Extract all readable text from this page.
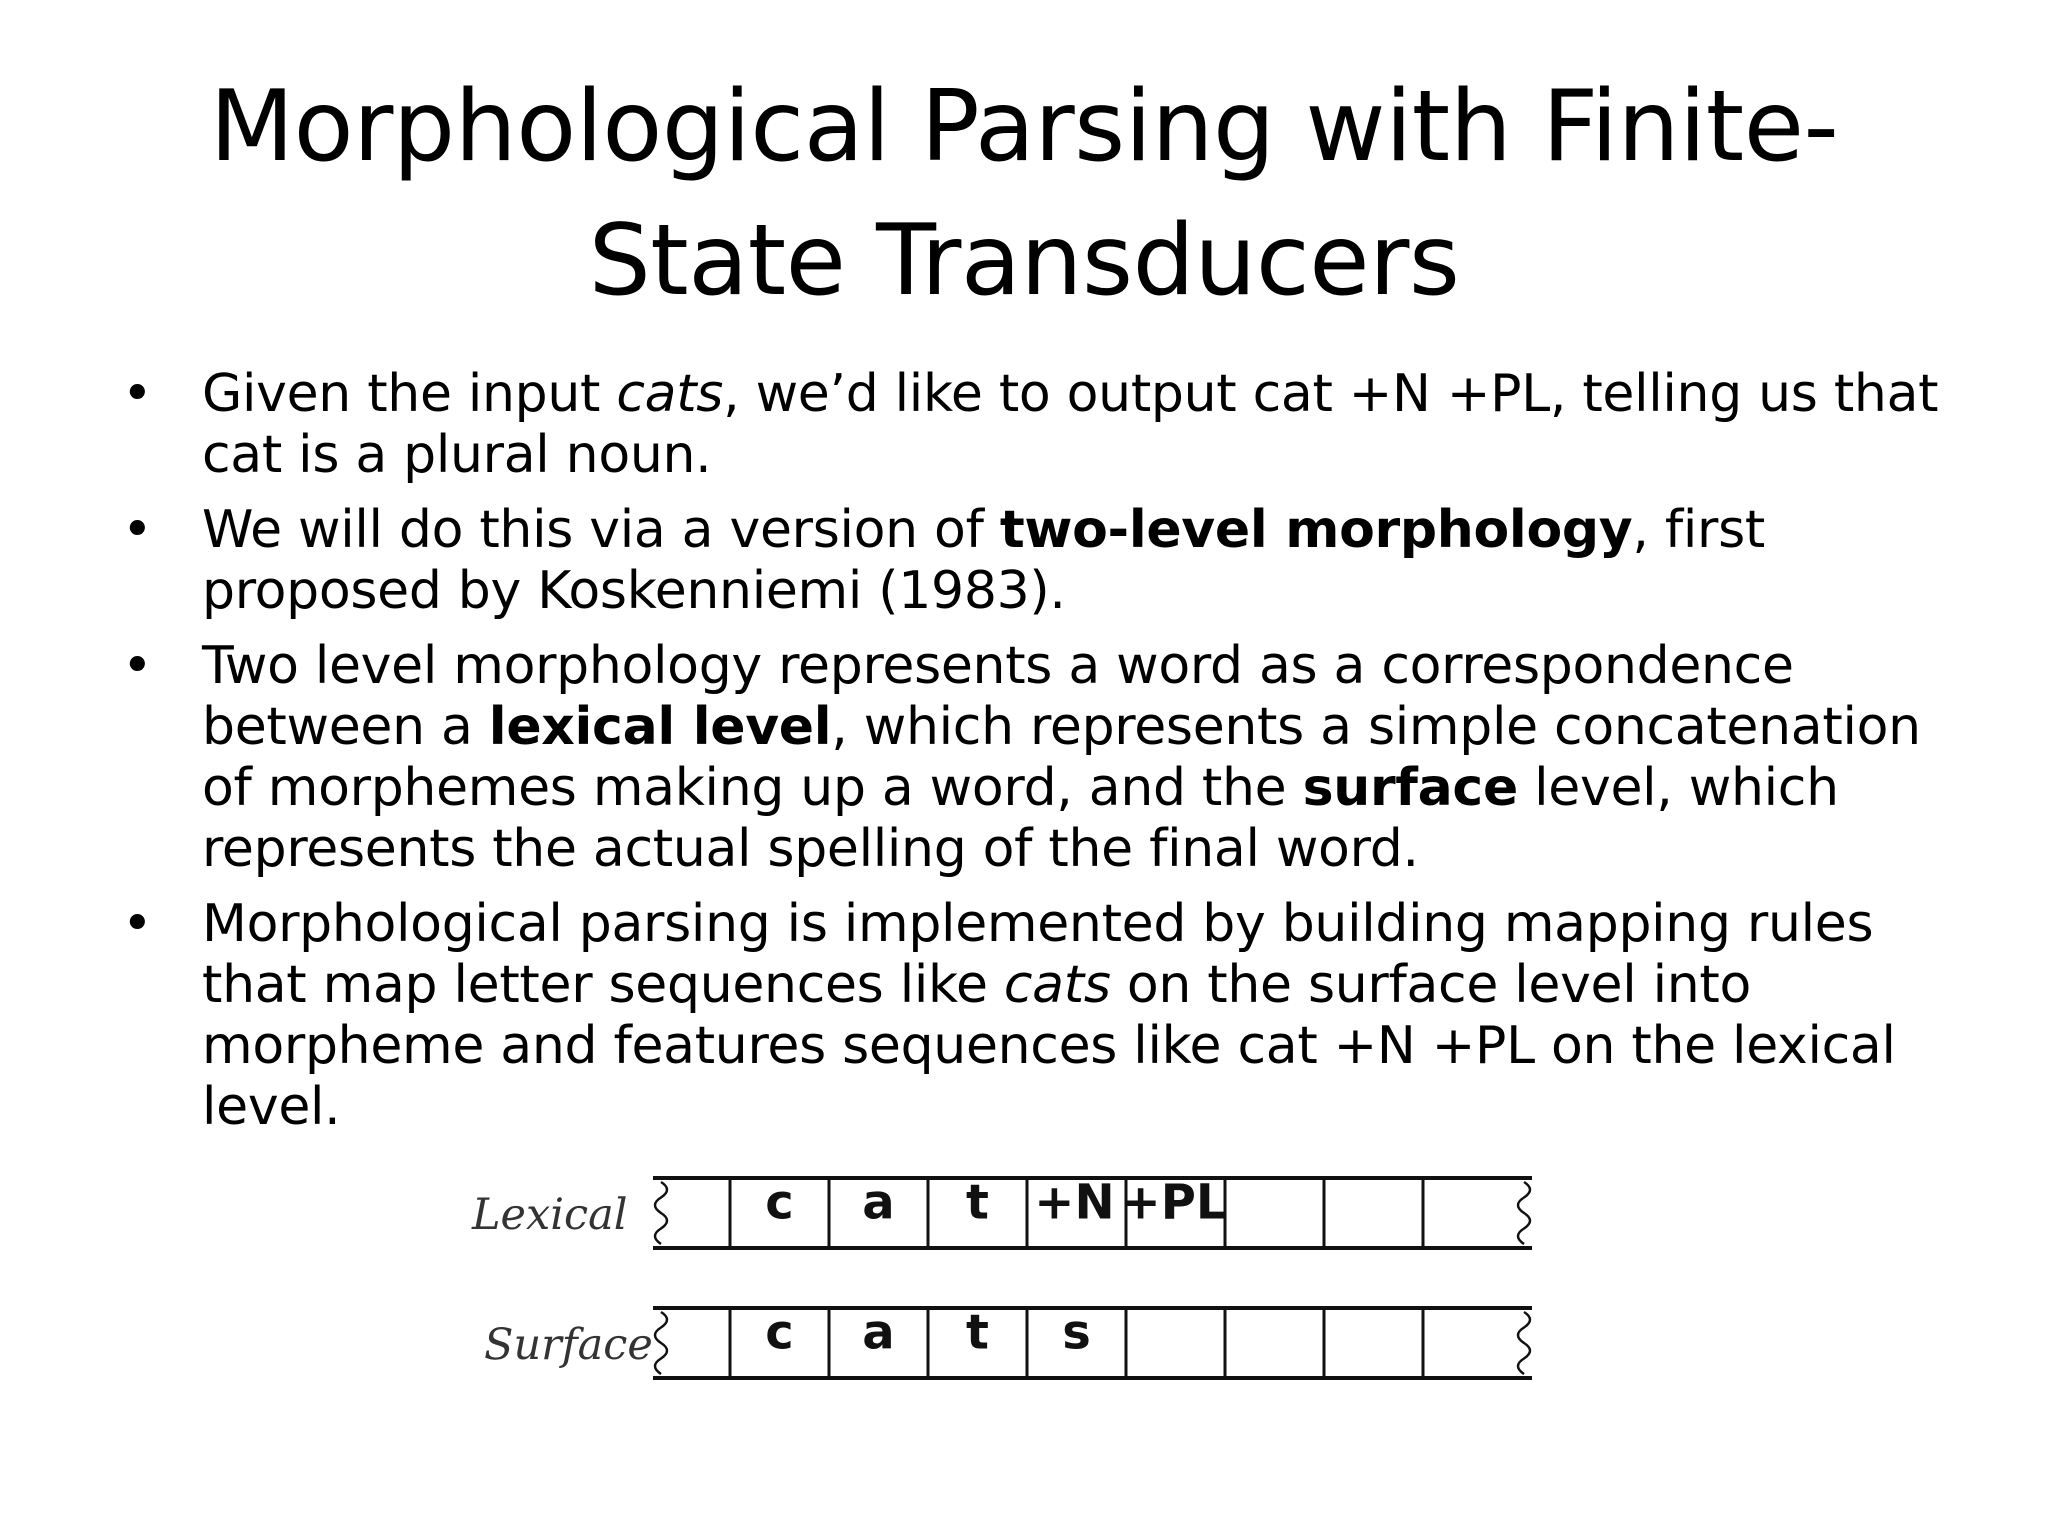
Morphological Parsing with Finite-
State Transducers
• Given the input cats, we’d like to output cat +N +PL, telling us that cat is a plural noun.
• We will do this via a version of two-level morphology, first proposed by Koskenniemi (1983).
• Two level morphology represents a word as a correspondence between a lexical level, which represents a simple concatenation of morphemes making up a word, and the surface level, which represents the actual spelling of the final word.
• Morphological parsing is implemented by building mapping rules that map letter sequences like cats on the surface level into morpheme and features sequences like cat +N +PL on the lexical level.
Lexical
Surface
c a t +N +PL
c a t s
